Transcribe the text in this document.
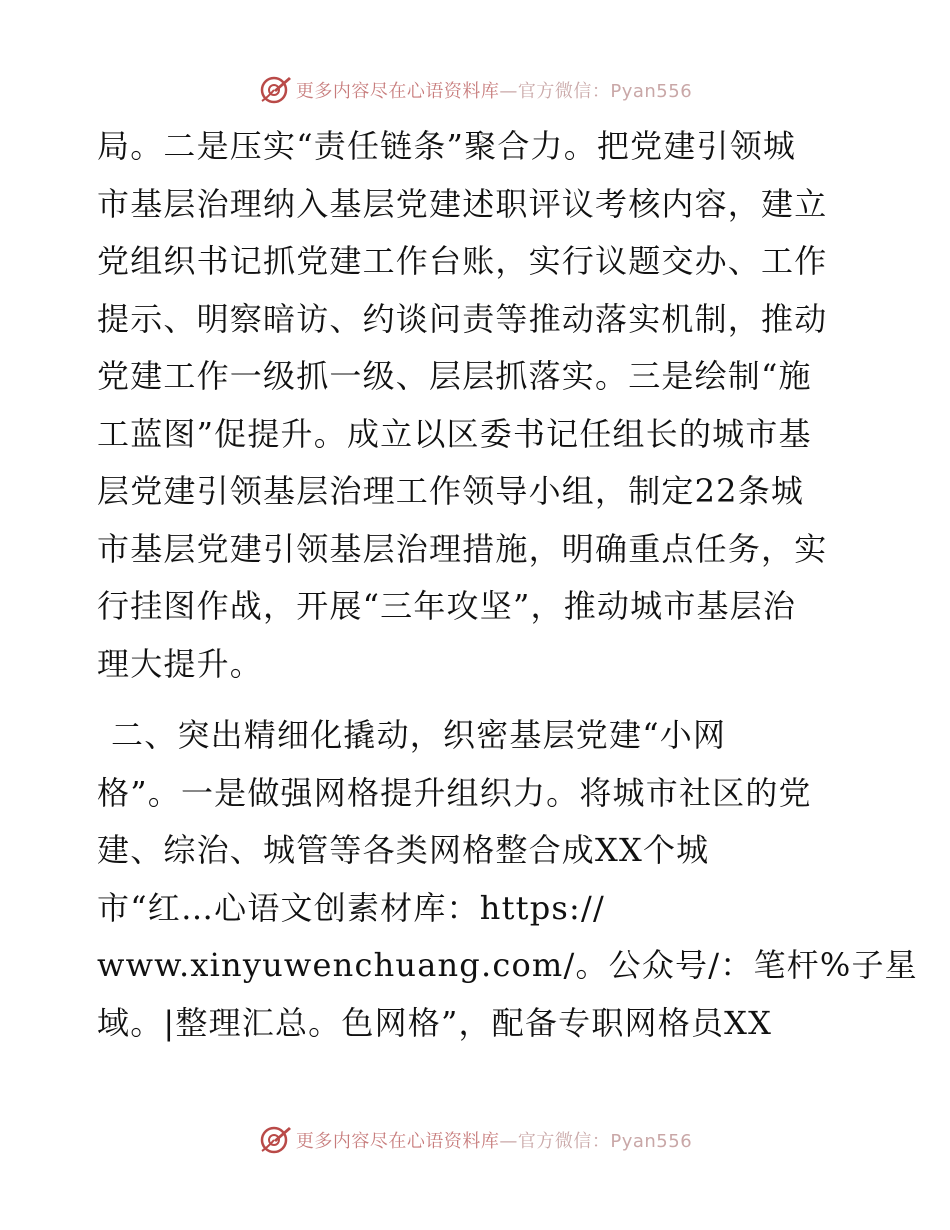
更多内容尽在心语资料库—官方微信：Pyan556
局。二是压实“责任链条”聚合力。把党建引领城
市基层治理纳入基层党建述职评议考核内容，建立
党组织书记抓党建工作台账，实行议题交办、工作
提示、明察暗访、约谈问责等推动落实机制，推动
党建工作一级抓一级、层层抓落实。三是绘制“施
工蓝图”促提升。成立以区委书记任组长的城市基
层党建引领基层治理工作领导小组，制定22条城
市基层党建引领基层治理措施，明确重点任务，实
行挂图作战，开展“三年攻坚”，推动城市基层治
理大提升。
二、突出精细化撬动，织密基层党建“小网
格”。一是做强网格提升组织力。将城市社区的党
建、综治、城管等各类网格整合成XX个城
市“红…心语文创素材库：https://
www.xinyuwenchuang.com/。公众号/：笔杆%子星
域。|整理汇总。色网格”，配备专职网格员XX
更多内容尽在心语资料库—官方微信：Pyan556
